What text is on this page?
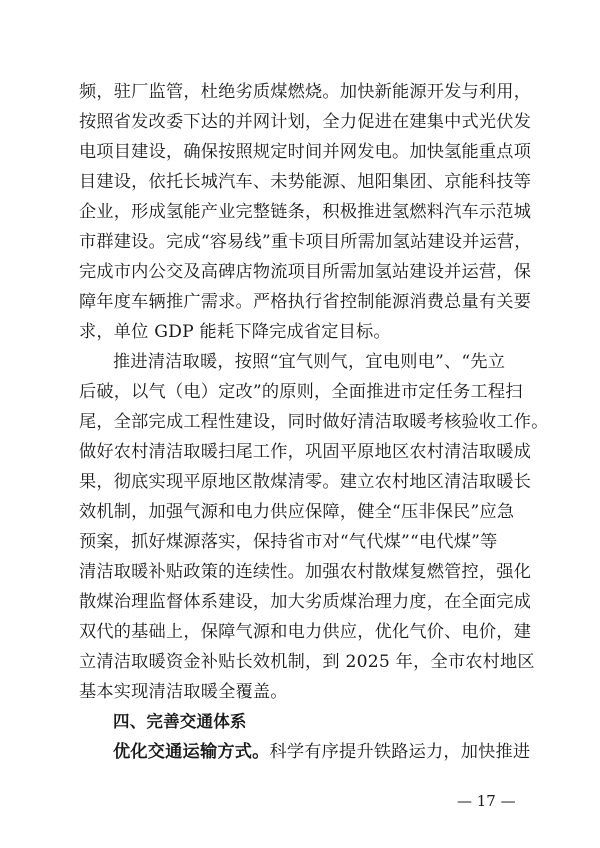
频，驻厂监管，杜绝劣质煤燃烧。加快新能源开发与利用，
按照省发改委下达的并网计划，全力促进在建集中式光伏发
电项目建设，确保按照规定时间并网发电。加快氢能重点项
目建设，依托长城汽车、未势能源、旭阳集团、京能科技等
企业，形成氢能产业完整链条，积极推进氢燃料汽车示范城
市群建设。完成“容易线”重卡项目所需加氢站建设并运营，
完成市内公交及高碑店物流项目所需加氢站建设并运营，保
障年度车辆推广需求。严格执行省控制能源消费总量有关要
求，单位 GDP 能耗下降完成省定目标。
推进清洁取暖，按照“宜气则气，宜电则电”、“先立
后破，以气（电）定改”的原则，全面推进市定任务工程扫
尾，全部完成工程性建设，同时做好清洁取暖考核验收工作。
做好农村清洁取暖扫尾工作，巩固平原地区农村清洁取暖成
果，彻底实现平原地区散煤清零。建立农村地区清洁取暖长
效机制，加强气源和电力供应保障，健全“压非保民”应急
预案，抓好煤源落实，保持省市对“气代煤”“电代煤”等
清洁取暖补贴政策的连续性。加强农村散煤复燃管控，强化
散煤治理监督体系建设，加大劣质煤治理力度，在全面完成
双代的基础上，保障气源和电力供应，优化气价、电价，建
立清洁取暖资金补贴长效机制，到 2025 年，全市农村地区
基本实现清洁取暖全覆盖。
四、完善交通体系
优化交通运输方式。科学有序提升铁路运力，加快推进
— 17 —
